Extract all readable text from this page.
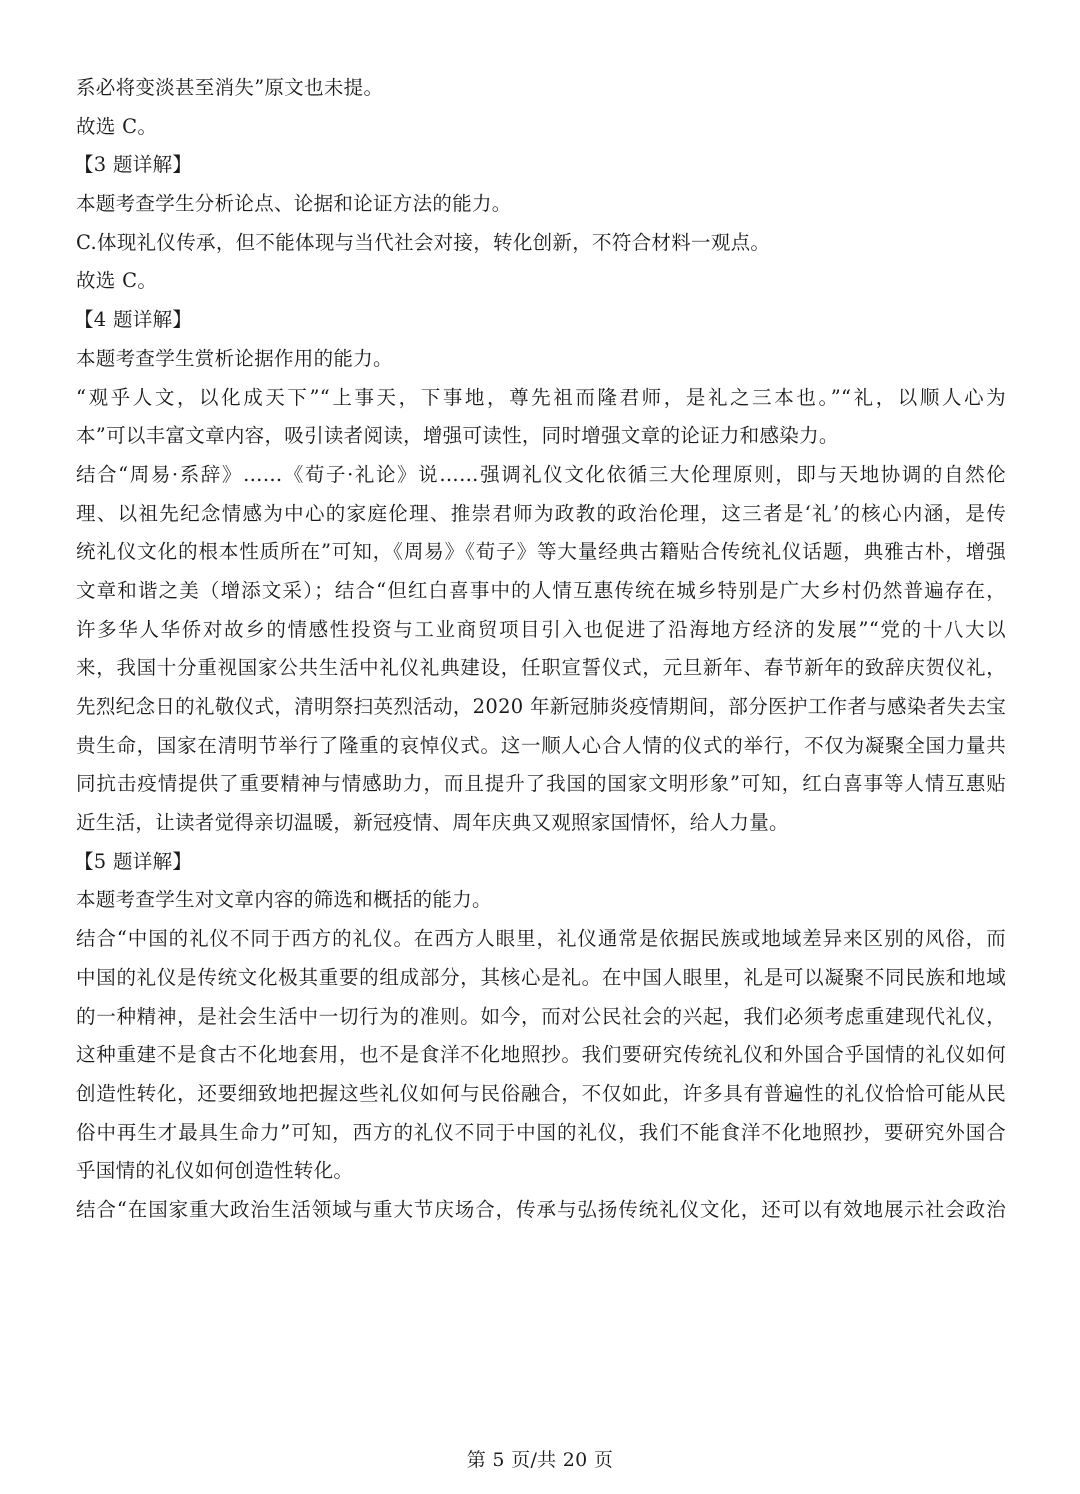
系必将变淡甚至消失”原文也未提。
故选 C。
【3 题详解】
本题考查学生分析论点、论据和论证方法的能力。
C.体现礼仪传承，但不能体现与当代社会对接，转化创新，不符合材料一观点。
故选 C。
【4 题详解】
本题考查学生赏析论据作用的能力。
“观乎人文，以化成天下”“上事天，下事地，尊先祖而隆君师，是礼之三本也。”“礼，以顺人心为
本”可以丰富文章内容，吸引读者阅读，增强可读性，同时增强文章的论证力和感染力。
结合“周易·系辞》……《荀子·礼论》说……强调礼仪文化依循三大伦理原则，即与天地协调的自然伦
理、以祖先纪念情感为中心的家庭伦理、推崇君师为政教的政治伦理，这三者是‘礼’的核心内涵，是传
统礼仪文化的根本性质所在”可知，《周易》《荀子》等大量经典古籍贴合传统礼仪话题，典雅古朴，增强
文章和谐之美（增添文采）；结合“但红白喜事中的人情互惠传统在城乡特别是广大乡村仍然普遍存在，
许多华人华侨对故乡的情感性投资与工业商贸项目引入也促进了沿海地方经济的发展”“党的十八大以
来，我国十分重视国家公共生活中礼仪礼典建设，任职宣誓仪式，元旦新年、春节新年的致辞庆贺仪礼，
先烈纪念日的礼敬仪式，清明祭扫英烈活动，2020 年新冠肺炎疫情期间，部分医护工作者与感染者失去宝
贵生命，国家在清明节举行了隆重的哀悼仪式。这一顺人心合人情的仪式的举行，不仅为凝聚全国力量共
同抗击疫情提供了重要精神与情感助力，而且提升了我国的国家文明形象”可知，红白喜事等人情互惠贴
近生活，让读者觉得亲切温暖，新冠疫情、周年庆典又观照家国情怀，给人力量。
【5 题详解】
本题考查学生对文章内容的筛选和概括的能力。
结合“中国的礼仪不同于西方的礼仪。在西方人眼里，礼仪通常是依据民族或地域差异来区别的风俗，而
中国的礼仪是传统文化极其重要的组成部分，其核心是礼。在中国人眼里，礼是可以凝聚不同民族和地域
的一种精神，是社会生活中一切行为的准则。如今，而对公民社会的兴起，我们必须考虑重建现代礼仪，
这种重建不是食古不化地套用，也不是食洋不化地照抄。我们要研究传统礼仪和外国合乎国情的礼仪如何
创造性转化，还要细致地把握这些礼仪如何与民俗融合，不仅如此，许多具有普遍性的礼仪恰恰可能从民
俗中再生才最具生命力”可知，西方的礼仪不同于中国的礼仪，我们不能食洋不化地照抄，要研究外国合
乎国情的礼仪如何创造性转化。
结合“在国家重大政治生活领域与重大节庆场合，传承与弘扬传统礼仪文化，还可以有效地展示社会政治
第 5 页/共 20 页
